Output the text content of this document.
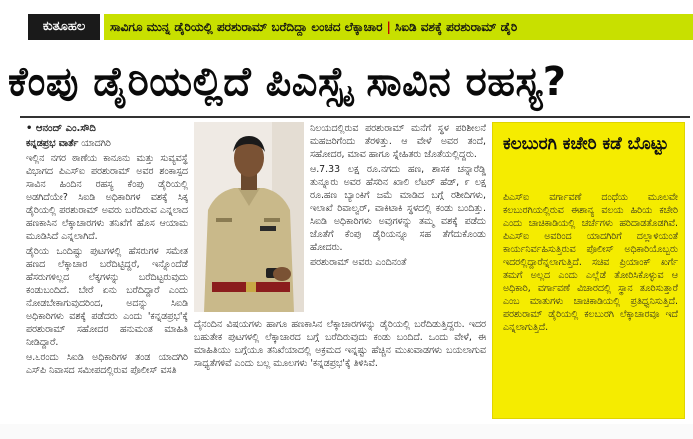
ಕುತೂಹಲ	ಸಾವಿಗೂ ಮುನ್ನ ಡೈರಿಯಲ್ಲಿ ಪರಶುರಾಮ್ ಬರೆದಿದ್ದಾ ಲಂಚದ ಲೆಕ್ಕಾಚಾರ | ಸಿಐಡಿ ವಶಕ್ಕೆ ಪರಶುರಾಮ್ ಡೈರಿ
ಕೆಂಪು ಡೈರಿಯಲ್ಲಿದೆ ಪಿಎಸ್ಸೈ ಸಾವಿನ ರಹಸ್ಯ?

• ಆನಂದ್ ಎಂ.ಸೌದಿ

ಕನ್ನಡಪ್ರಭ ವಾರ್ತೆ ಯಾದಗಿರಿ

ಇಲ್ಲಿನ ನಗರ ಠಾಣೆಯ ಕಾನೂನು ಮತ್ತು ಸುವ್ಯವಸ್ಥೆ ವಿಭಾಗದ ಪಿಎಸ್ಐ ಪರಶುರಾಮ್ ಅವರ ಶಂಕಾಸ್ಪದ ಸಾವಿನ ಹಿಂದಿನ ರಹಸ್ಯ ಕೆಂಪು ಡೈರಿಯಲ್ಲಿ ಅಡಗಿದೆಯೇ? ಸಿಐಡಿ ಅಧಿಕಾರಿಗಳ ವಶಕ್ಕೆ ಸಿಕ್ಕ ಡೈರಿಯಲ್ಲಿ ಪರಶುರಾಮ್ ಅವರು ಬರೆದಿರುವ ಎನ್ನಲಾದ ಹಣಕಾಸಿನ ಲೆಕ್ಕಾಚಾರಗಳು ತನಿಖೆಗೆ ಹೊಸ ಆಯಾಮ ಮೂಡಿಸಿದೆ ಎನ್ನಲಾಗಿದೆ.

ಡೈರಿಯ ಒಂದಿಷ್ಟು ಪುಟಗಳಲ್ಲಿ ಹೆಸರುಗಳ ಸಮೇತ ಹಣದ ಲೆಕ್ಕಾಚಾರ ಬರೆದಿಟ್ಟಿದ್ದರೆ, ಇನ್ನೊಂದೆಡೆ ಹೆಸರುಗಳಿಲ್ಲದ ಲೆಕ್ಕಗಳನ್ನು ಬರೆದಿಟ್ಟರುವುದು ಕಂಡುಬಂದಿದೆ. ಬೇರೆ ಏನು ಬರೆದಿದ್ದಾರೆ ಎಂದು ನೋಡಬೇಕಾಗುವುದರಿಂದ, ಅದನ್ನು ಸಿಐಡಿ ಅಧಿಕಾರಿಗಳು ವಶಕ್ಕೆ ಪಡೆದರು ಎಂದು 'ಕನ್ನಡಪ್ರಭ'ಕ್ಕೆ ಪರಶುರಾಮ್ ಸಹೋದರ ಹನುಮಂತ ಮಾಹಿತಿ ನೀಡಿದ್ದಾರೆ.

ಆ.೬ರಂದು ಸಿಐಡಿ ಅಧಿಕಾರಿಗಳ ತಂಡ ಯಾದಗಿರಿ ಎಸ್‌ಪಿ ನಿವಾಸದ ಸಮೀಪದಲ್ಲಿರುವ ಪೊಲೀಸ್ ವಸತಿ

ನಿಲಯದಲ್ಲಿರುವ ಪರಶುರಾಮ್ ಮನೆಗೆ ಸ್ಥಳ ಪರಿಶೀಲನೆ ಮಹಜರಿಗೆಂದು ತೆರಳಿತ್ತು. ಆ ವೇಳೆ ಅವರ ತಂದೆ, ಸಹೋದರ, ಮಾವ ಹಾಗೂ ಸ್ನೇಹಿತರು ಜೊತೆಯಲ್ಲಿದ್ದರು.

ಆ.7.33 ಲಕ್ಷ ರೂ.ನಗದು ಹಣ, ಶಾಸಕ ಚನ್ನಾರೆಡ್ಡಿ ತುನ್ನೂರು ಅವರ ಹೆಸರಿನ ಖಾಲಿ ಲೆಟರ್ ಹೆಡ್, ೯ ಲಕ್ಷ ರೂ.ಹಣ ಬ್ಯಾಂಕಿಗೆ ಜಮೆ ಮಾಡಿದ ಬಗ್ಗೆ ರಶೀದಿಗಳು, ಇಲಾಖೆ ರಿವಾಲ್ವರ್, ವಾಕಿಟಾಕಿ ಸ್ಥಳದಲ್ಲಿ ಕಂಡು ಬಂದಿತ್ತು. ಸಿಐಡಿ ಅಧಿಕಾರಿಗಳು ಅವುಗಳನ್ನು ತಮ್ಮ ವಶಕ್ಕೆ ಪಡೆದು ಜೊತೆಗೆ ಕೆಂಪು ಡೈರಿಯನ್ನೂ ಸಹ ತೆಗೆದುಕೊಂಡು ಹೋದರು.

ಪರಶುರಾಮ್ ಅವರು ಎಂದಿನಂತೆ

ದೈನಂದಿನ ವಿಷಯಗಳು ಹಾಗೂ ಹಣಕಾಸಿನ ಲೆಕ್ಕಾಚಾರಗಳನ್ನು ಡೈರಿಯಲ್ಲಿ ಬರೆದಿಡುತ್ತಿದ್ದರು. ಇದರ ಬಹುತೇಕ ಪುಟಗಳಲ್ಲಿ ಲೆಕ್ಕಾಚಾರದ ಬಗ್ಗೆ ಬರೆದಿರುವುದು ಕಂಡು ಬಂದಿದೆ. ಒಂದು ವೇಳೆ, ಈ ಮಾಹಿತಿಯು ಬಗ್ಗೆಯೂ ತನಿಖೆಯಾದಲ್ಲಿ ಅಕ್ರಮದ ಇನ್ನಷ್ಟು ಹೆಚ್ಚಿನ ಮುಖವಾಡಗಳು ಬಯಲಾಗುವ ಸಾಧ್ಯತೆಗಳಿವೆ ಎಂದು ಬಲ್ಲ ಮೂಲಗಳು 'ಕನ್ನಡಪ್ರಭ'ಕ್ಕೆ ತಿಳಿಸಿವೆ.

ಕಲಬುರಗಿ ಕಚೇರಿ ಕಡೆ ಬೊಟ್ಟು
ಪಿಎಸ್ಐ ವರ್ಗಾವಣೆ ದಂಧೆಯ ಮೂಲವೇ ಕಲಬುರಗಿಯಲ್ಲಿರುವ ಈಶಾನ್ಯ ವಲಯ ಹಿರಿಯ ಕಚೇರಿ ಎಂದು ಚಾಚಿಕಾಡಿಯಲ್ಲಿ ಚರ್ಚೆಗಳು ಹರಿದಾಡತೊಡಗಿವೆ. ಪಿಎಸ್ಐ ಅವರಿಂದ ಯಾದಗಿರಿಗೆ ದಲ್ಲಾಳಿಯಂತೆ ಕಾರ್ಯನಿರ್ವಹಿಸುತ್ತಿರುವ ಪೊಲೀಸ್ ಅಧಿಕಾರಿಯೊಬ್ಬರು ಇದರಲ್ಲಿದ್ದಾರೆನ್ನಲಾಗುತ್ತಿದೆ. ಸಚಿವ ಪ್ರಿಯಾಂಕ್ ಖರ್ಗೆ ತಮಗೆ ಅಲ್ಲದ ಎಂದು ಎಲ್ಲೆಡೆ ತೋರಿಸಿಕೊಳ್ಳುವ ಆ ಅಧಿಕಾರಿ, ವರ್ಗಾವಣೆ ವಿಚಾರದಲ್ಲಿ ಸ್ಥಾನ ತೂರಿಸುತ್ತಾರೆ ಎಂಬ ಮಾತುಗಳು ಚಾಚಿಕಾಡಿಯಲ್ಲಿ ಪ್ರತಿಧ್ವನಿಸುತ್ತಿದೆ. ಪರಶುರಾಮ್ ಡೈರಿಯಲ್ಲಿ ಕಲಬುರಗಿ ಲೆಕ್ಕಾಚಾರವೂ ಇದೆ ಎನ್ನಲಾಗುತ್ತಿದೆ.
